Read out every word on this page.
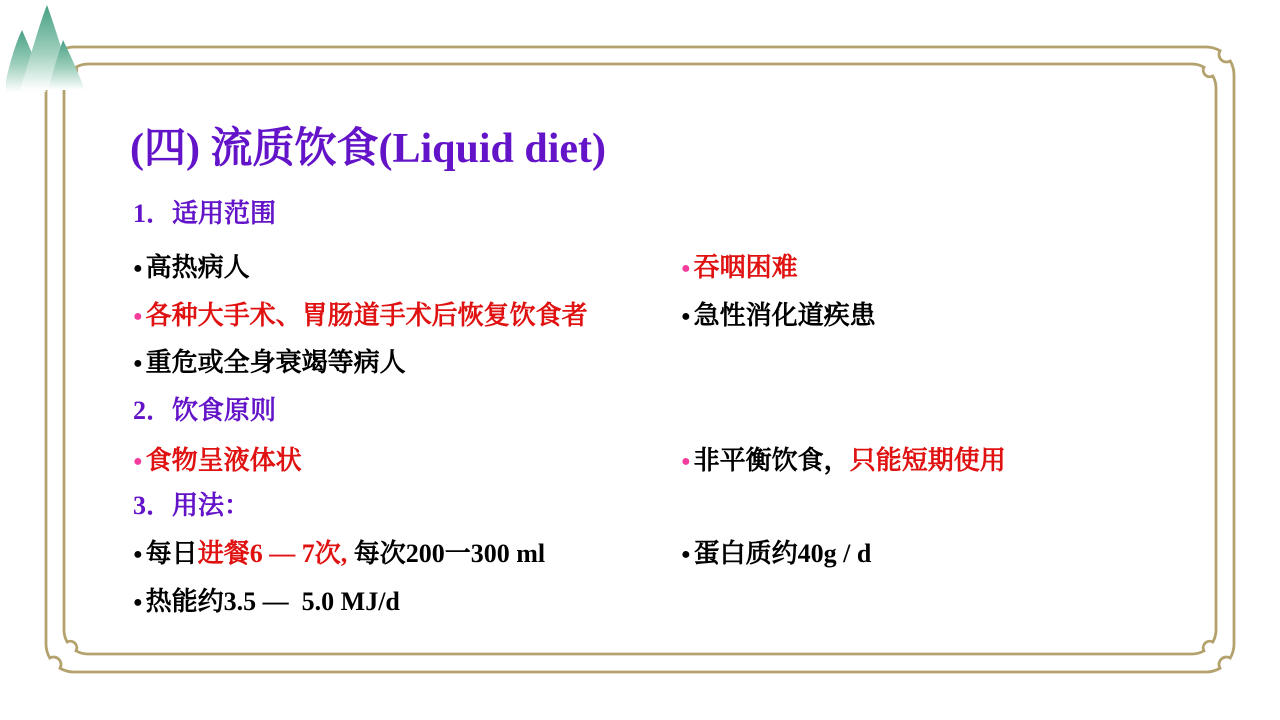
(四) 流质饮食(Liquid diet)
1．适用范围
● 高热病人	● 吞咽困难
● 各种大手术、胃肠道手术后恢复饮食者	● 急性消化道疾患
● 重危或全身衰竭等病人
2．饮食原则
● 食物呈液体状	● 非平衡饮食，只能短期使用
3．用法：
● 每日进餐6 — 7次, 每次200一300 ml	● 蛋白质约40g / d
● 热能约3.5 —  5.0 MJ/d
